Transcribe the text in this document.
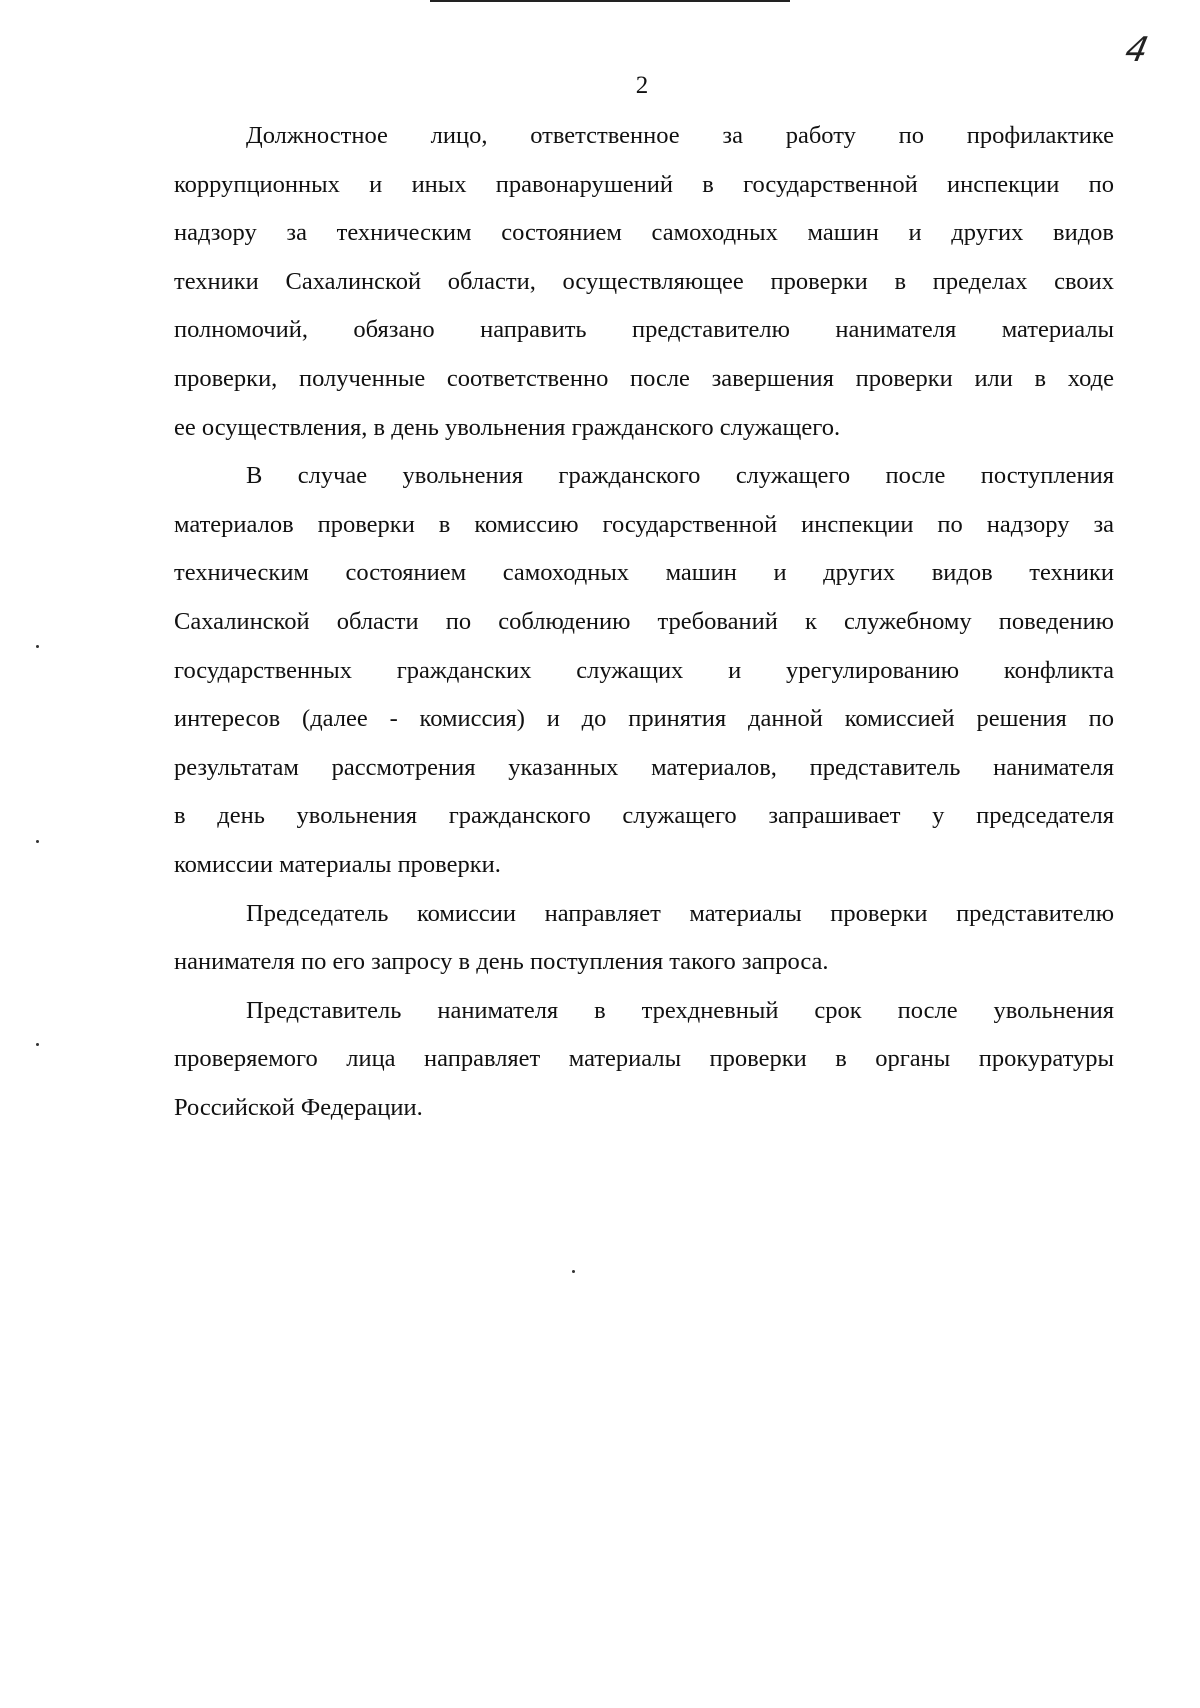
4
2
Должностное лицо, ответственное за работу по профилактике
коррупционных и иных правонарушений в государственной инспекции по
надзору за техническим состоянием самоходных машин и других видов
техники Сахалинской области, осуществляющее проверки в пределах своих
полномочий, обязано направить представителю нанимателя материалы
проверки, полученные соответственно после завершения проверки или в ходе
ее осуществления, в день увольнения гражданского служащего.
В случае увольнения гражданского служащего после поступления
материалов проверки в комиссию государственной инспекции по надзору за
техническим состоянием самоходных машин и других видов техники
Сахалинской области по соблюдению требований к служебному поведению
государственных гражданских служащих и урегулированию конфликта
интересов (далее - комиссия) и до принятия данной комиссией решения по
результатам рассмотрения указанных материалов, представитель нанимателя
в день увольнения гражданского служащего запрашивает у председателя
комиссии материалы проверки.
Председатель комиссии направляет материалы проверки представителю
нанимателя по его запросу в день поступления такого запроса.
Представитель нанимателя в трехдневный срок после увольнения
проверяемого лица направляет материалы проверки в органы прокуратуры
Российской Федерации.
